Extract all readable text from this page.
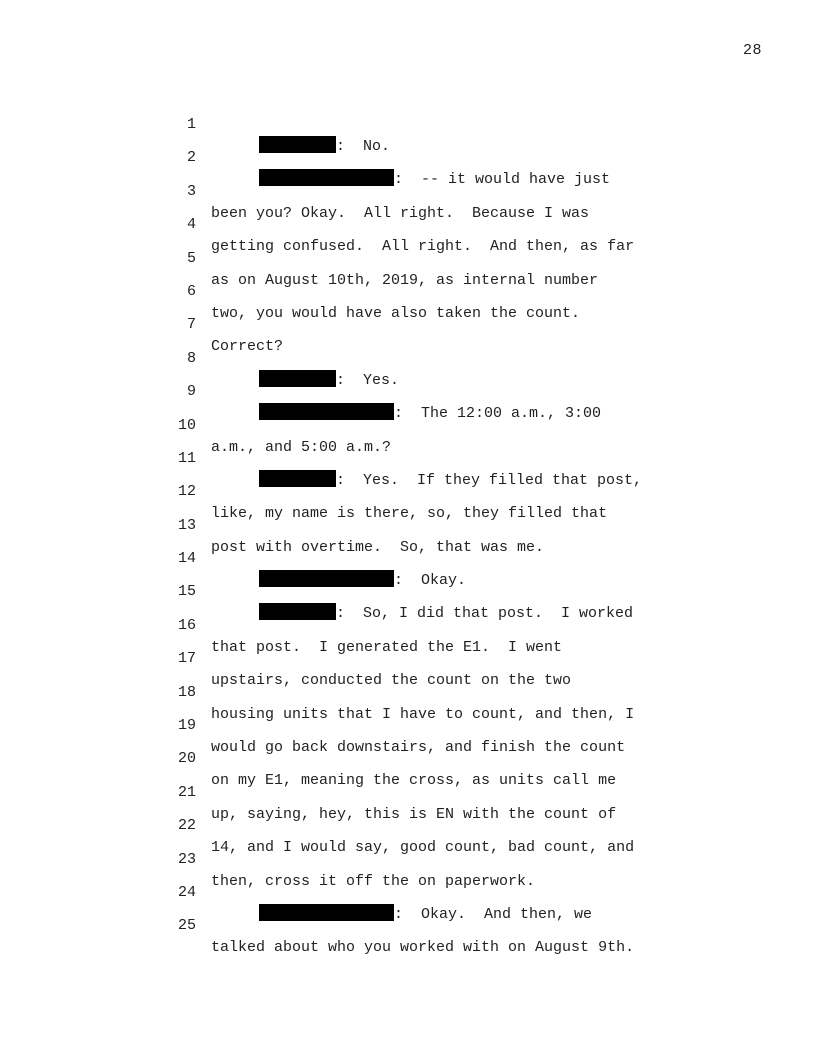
28

1

:  No.

2

:  -- it would have just

3

been you? Okay.  All right.  Because I was

4

getting confused.  All right.  And then, as far

5

as on August 10th, 2019, as internal number

6

two, you would have also taken the count.

7

Correct?

8

:  Yes.

9

:  The 12:00 a.m., 3:00

10

a.m., and 5:00 a.m.?

11

:  Yes.  If they filled that post,

12

like, my name is there, so, they filled that

13

post with overtime.  So, that was me.

14

:  Okay.

15

:  So, I did that post.  I worked

16

that post.  I generated the E1.  I went

17

upstairs, conducted the count on the two

18

housing units that I have to count, and then, I

19

would go back downstairs, and finish the count

20

on my E1, meaning the cross, as units call me

21

up, saying, hey, this is EN with the count of

22

14, and I would say, good count, bad count, and

23

then, cross it off the on paperwork.

24

:  Okay.  And then, we

25

talked about who you worked with on August 9th.
